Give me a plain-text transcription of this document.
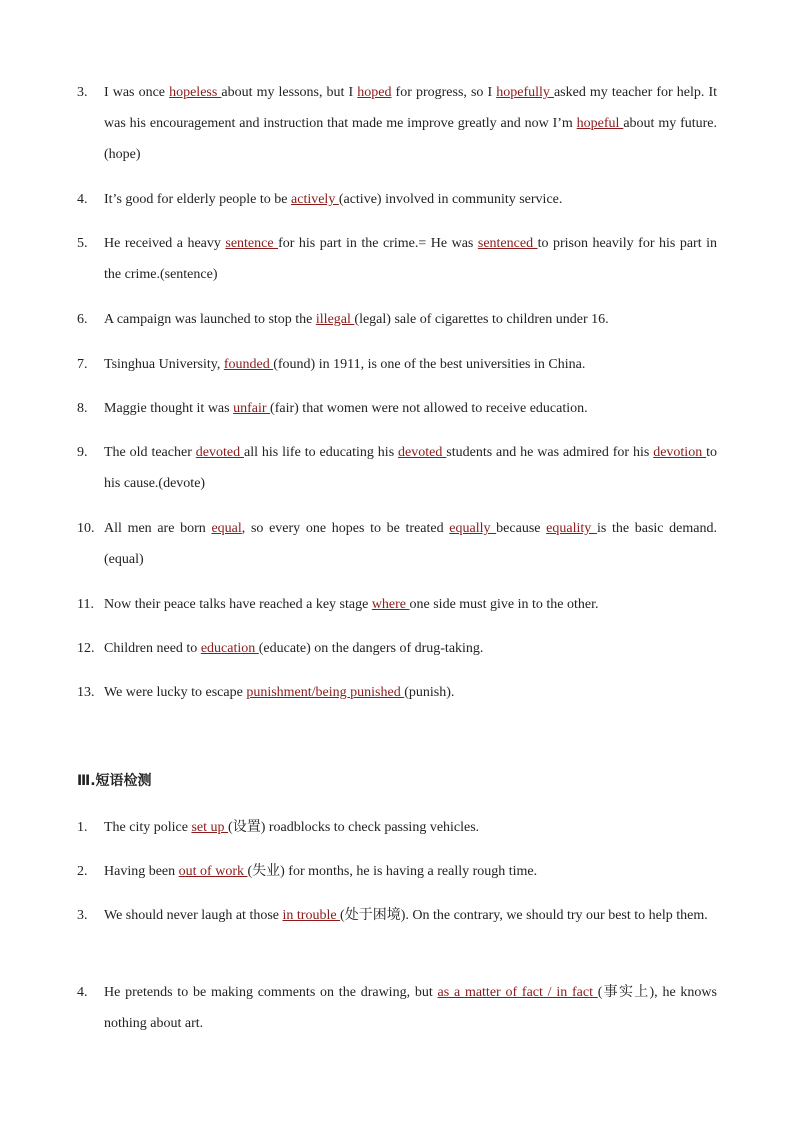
3. I was once hopeless about my lessons, but I hoped for progress, so I hopefully asked my teacher for help. It was his encouragement and instruction that made me improve greatly and now I’m hopeful about my future. (hope)
4. It’s good for elderly people to be actively (active) involved in community service.
5. He received a heavy sentence for his part in the crime.= He was sentenced to prison heavily for his part in the crime.(sentence)
6. A campaign was launched to stop the illegal (legal) sale of cigarettes to children under 16.
7. Tsinghua University, founded (found) in 1911, is one of the best universities in China.
8. Maggie thought it was unfair (fair) that women were not allowed to receive education.
9. The old teacher devoted all his life to educating his devoted students and he was admired for his devotion to his cause.(devote)
10. All men are born equal, so every one hopes to be treated equally because equality is the basic demand.(equal)
11. Now their peace talks have reached a key stage where one side must give in to the other.
12. Children need to education (educate) on the dangers of drug-taking.
13. We were lucky to escape punishment/being punished (punish).
Ⅲ.短语检测
1. The city police set up (设置) roadblocks to check passing vehicles.
2. Having been out of work (失业) for months, he is having a really rough time.
3. We should never laugh at those in trouble (处于困境). On the contrary, we should try our best to help them.
4. He pretends to be making comments on the drawing, but as a matter of fact / in fact (事实上), he knows nothing about art.
